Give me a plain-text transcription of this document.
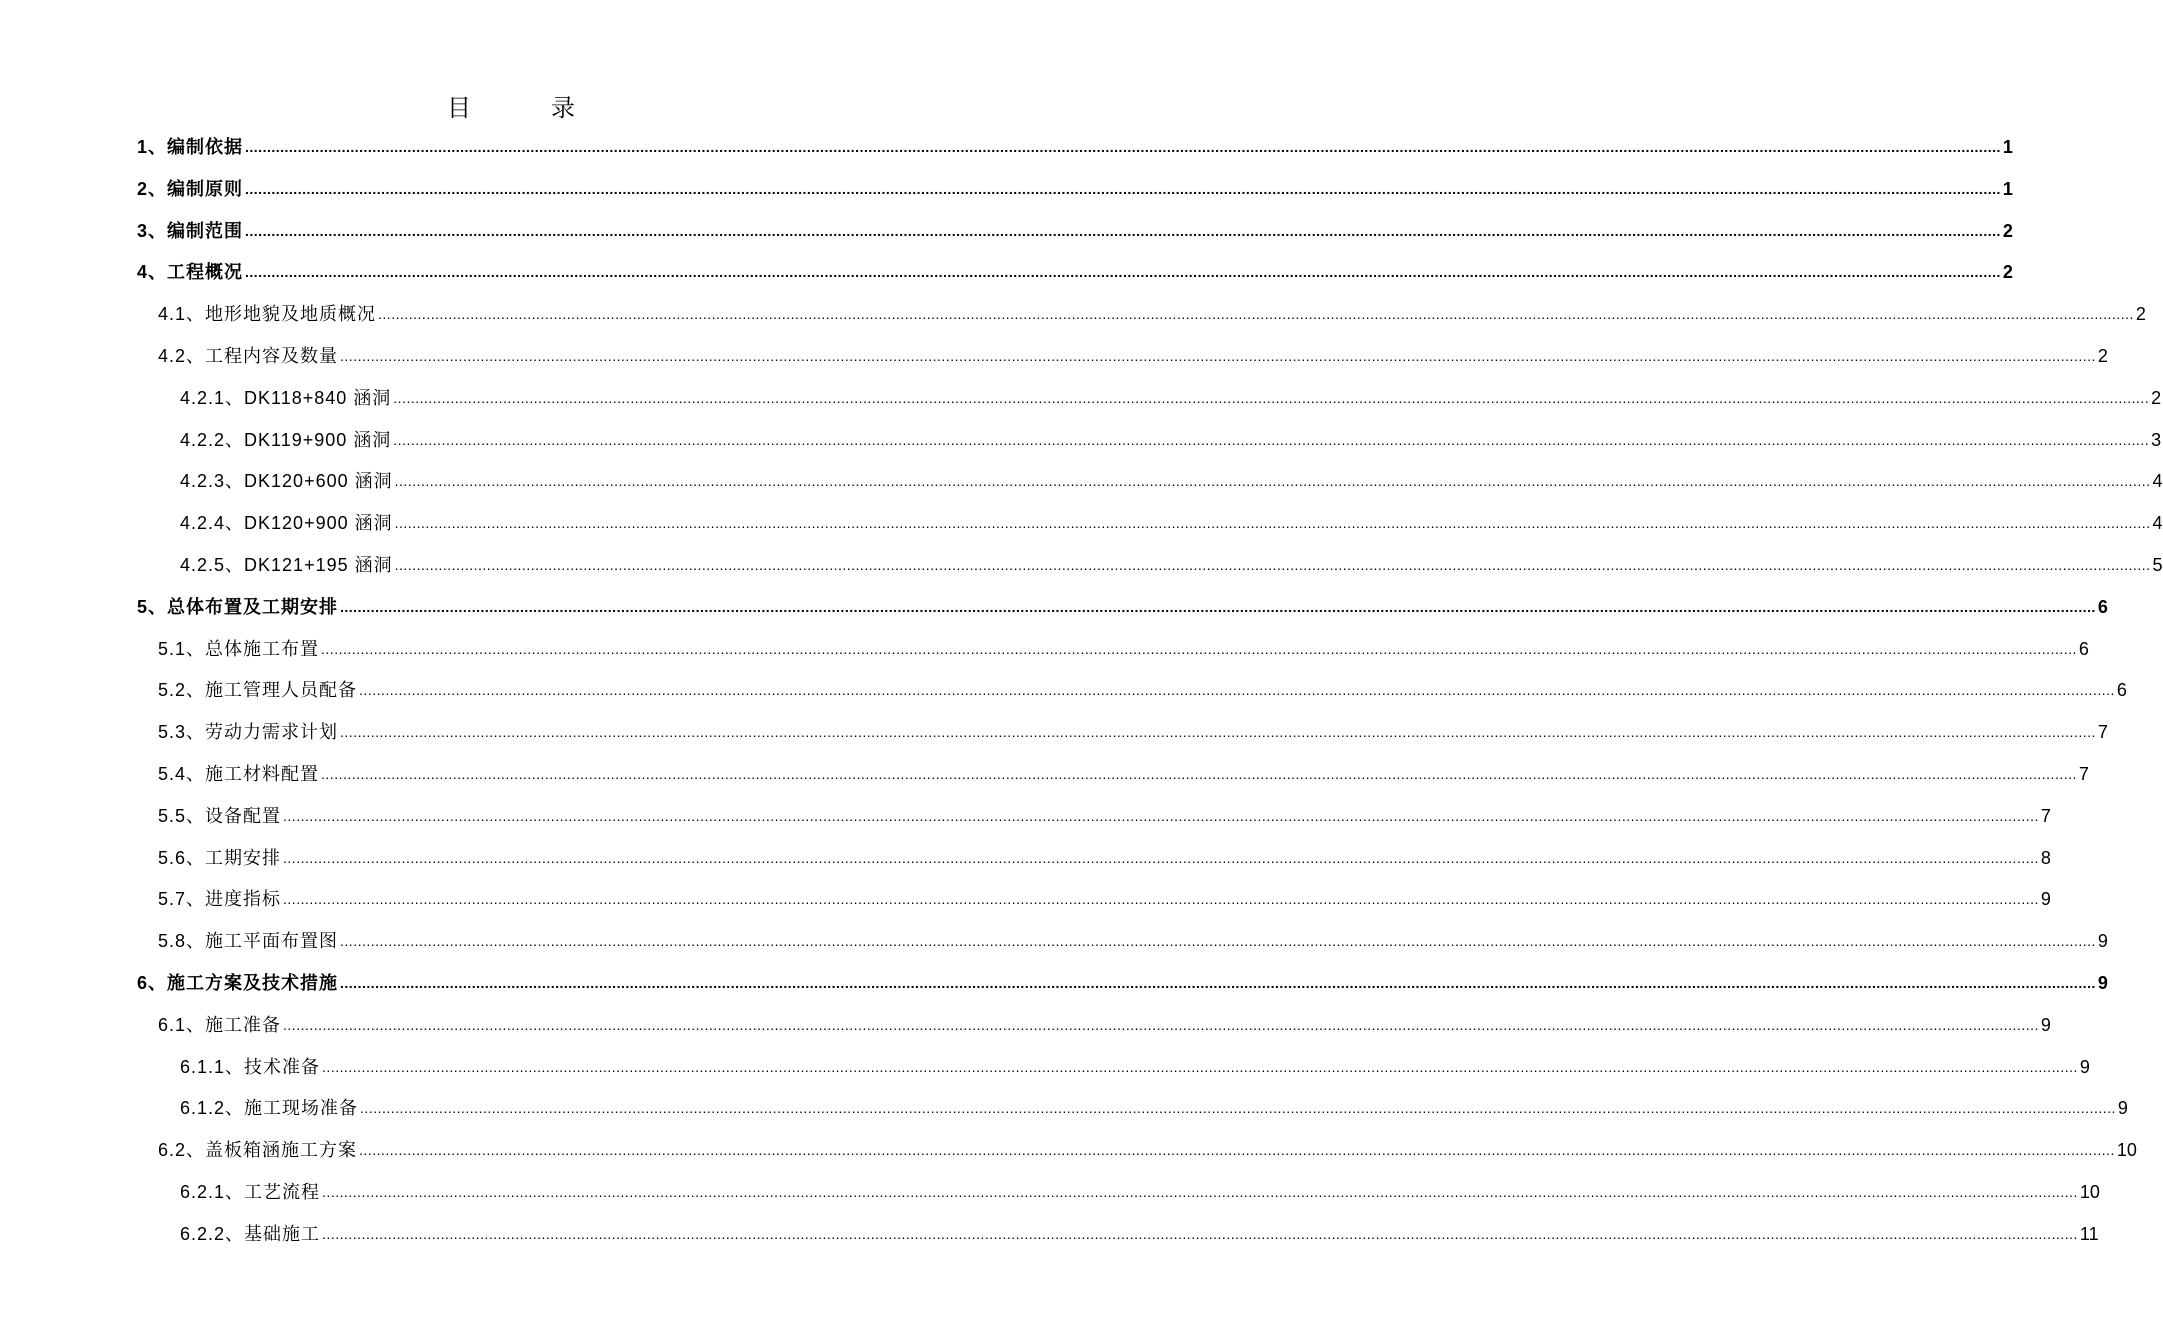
目　录
1、编制依据 ................................................................................................................................................................................................................................................................................................................................................................................................................ 1
2、编制原则 ................................................................................................................................................................................................................................................................................................................................................................................................................ 1
3、编制范围 ................................................................................................................................................................................................................................................................................................................................................................................................................ 2
4、工程概况 ................................................................................................................................................................................................................................................................................................................................................................................................................ 2
4.1、地形地貌及地质概况 ................................................................................................................................................................................................................................................................................................................................................................................................................ 2
4.2、工程内容及数量 ................................................................................................................................................................................................................................................................................................................................................................................................................ 2
4.2.1、DK118+840 涵洞 ................................................................................................................................................................................................................................................................................................................................................................................................................ 2
4.2.2、DK119+900 涵洞 ................................................................................................................................................................................................................................................................................................................................................................................................................ 3
4.2.3、DK120+600 涵洞 ................................................................................................................................................................................................................................................................................................................................................................................................................ 4
4.2.4、DK120+900 涵洞 ................................................................................................................................................................................................................................................................................................................................................................................................................ 4
4.2.5、DK121+195 涵洞 ................................................................................................................................................................................................................................................................................................................................................................................................................ 5
5、总体布置及工期安排 ................................................................................................................................................................................................................................................................................................................................................................................................................ 6
5.1、总体施工布置 ................................................................................................................................................................................................................................................................................................................................................................................................................ 6
5.2、施工管理人员配备 ................................................................................................................................................................................................................................................................................................................................................................................................................ 6
5.3、劳动力需求计划 ................................................................................................................................................................................................................................................................................................................................................................................................................ 7
5.4、施工材料配置 ................................................................................................................................................................................................................................................................................................................................................................................................................ 7
5.5、设备配置 ................................................................................................................................................................................................................................................................................................................................................................................................................ 7
5.6、工期安排 ................................................................................................................................................................................................................................................................................................................................................................................................................ 8
5.7、进度指标 ................................................................................................................................................................................................................................................................................................................................................................................................................ 9
5.8、施工平面布置图 ................................................................................................................................................................................................................................................................................................................................................................................................................ 9
6、施工方案及技术措施 ................................................................................................................................................................................................................................................................................................................................................................................................................ 9
6.1、施工准备 ................................................................................................................................................................................................................................................................................................................................................................................................................ 9
6.1.1、技术准备 ................................................................................................................................................................................................................................................................................................................................................................................................................ 9
6.1.2、施工现场准备 ................................................................................................................................................................................................................................................................................................................................................................................................................ 9
6.2、盖板箱涵施工方案 ................................................................................................................................................................................................................................................................................................................................................................................................................ 10
6.2.1、工艺流程 ................................................................................................................................................................................................................................................................................................................................................................................................................ 10
6.2.2、基础施工 ................................................................................................................................................................................................................................................................................................................................................................................................................ 11
